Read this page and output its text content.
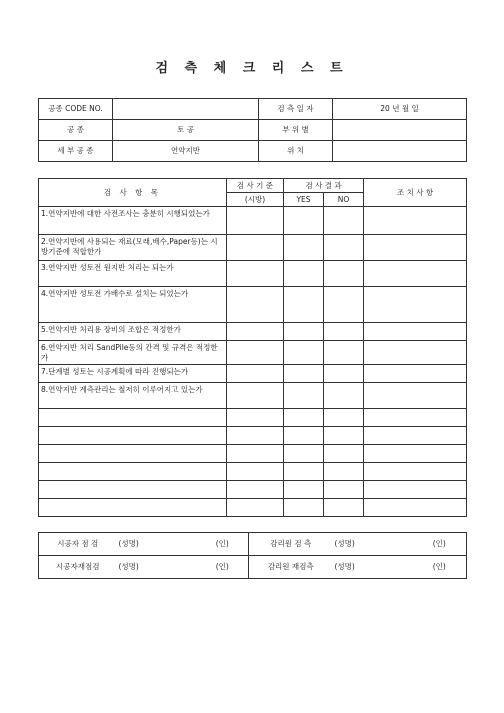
검 측 체 크 리 스 트
공종 CODE NO.		검 측 일 자	20 년 월 일
공 종	토 공	부 위 별	
세 부 공 종	연약지반	위 치	
검 사 항 목	검 사 기 준	검 사 결 과		조 치 사 항
	(시방)	YES	NO	
1.연약지반에 대한 사전조사는 충분히 시행되었는가				
2.연약지반에 사용되는 재료(모래,배수,Paper등)는 시방기준에 적합한가				
3.연약지반 성토전 원지반 처리는 되는가				
4.연약지반 성토전 가배수로 설치는 되었는가				
5.연약지반 처리용 장비의 조합은 적정한가				
6.연약지반 처리 SandPile등의 간격 및 규격은 적정한가				
7.단계별 성토는 시공계획에 따라 진행되는가				
8.연약지반 계측관리는 철저히 이루어지고 있는가				

시공자 점 검	(성명)	(인)	감리원 검 측	(성명)	(인)
시공자재점검	(성명)	(인)	감리원 재검측	(성명)	(인)
